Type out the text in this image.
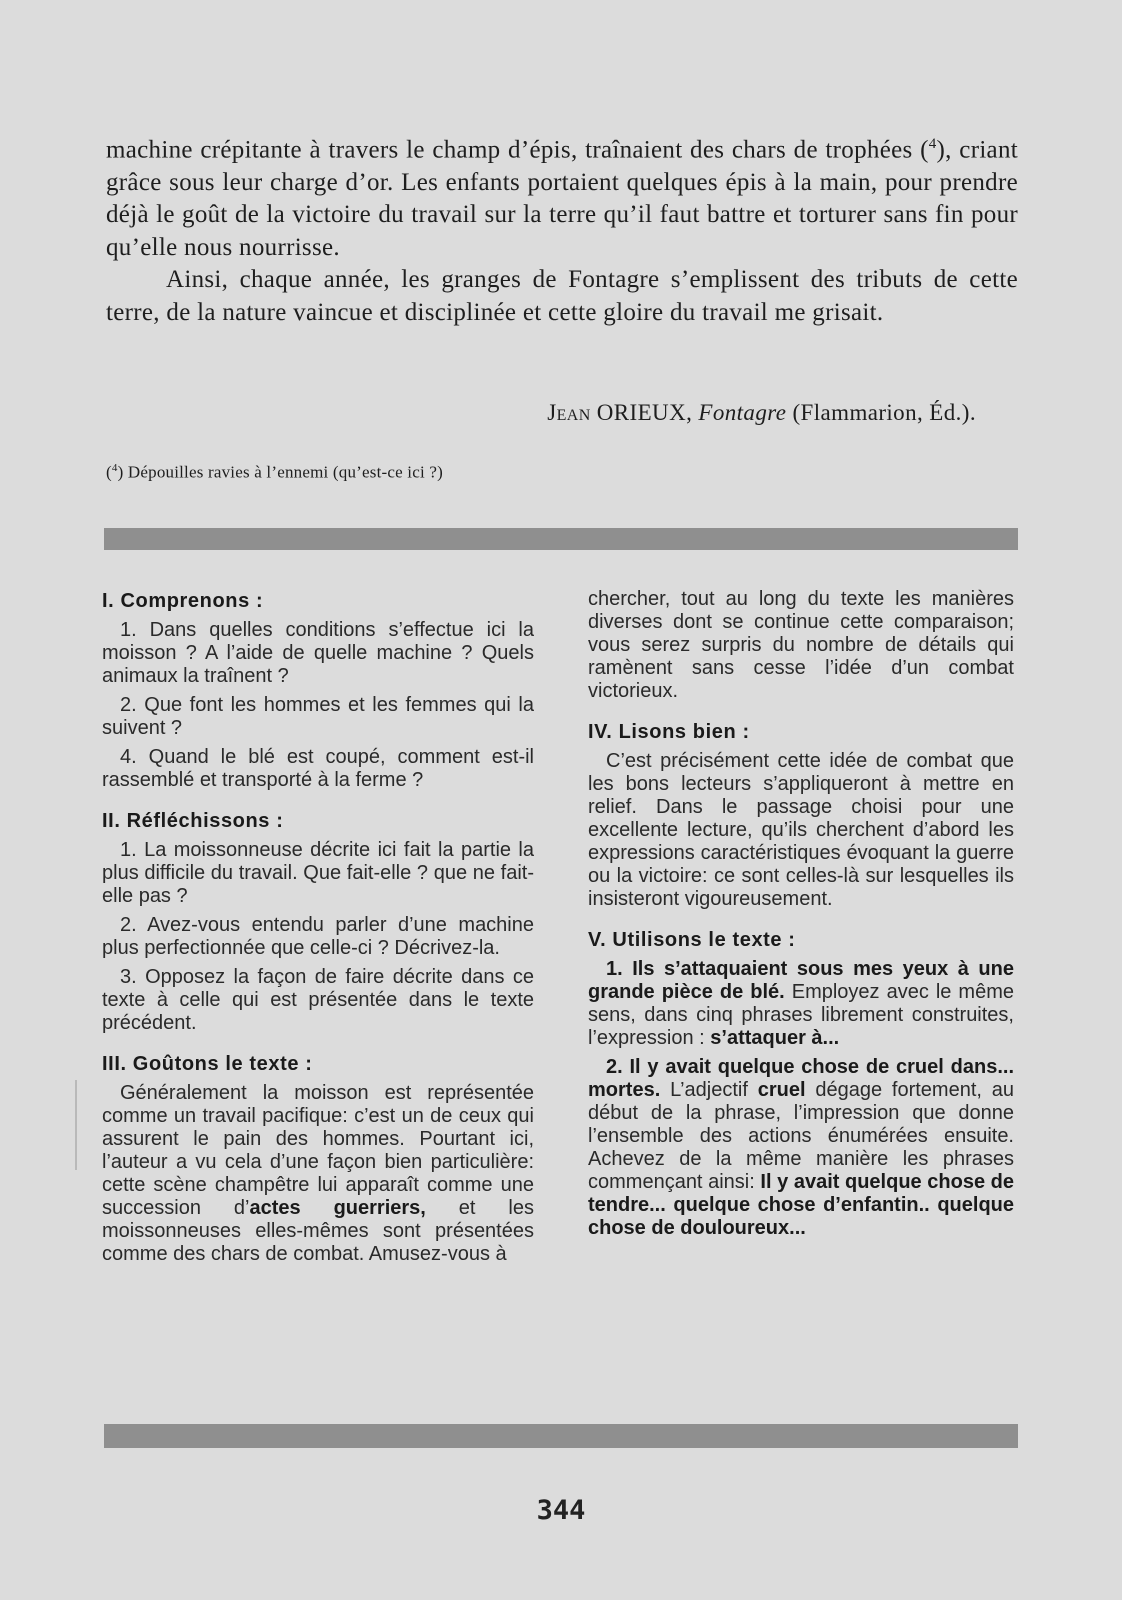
machine crépitante à travers le champ d’épis, traînaient des chars de trophées ($^4$), criant grâce sous leur charge d’or. Les enfants portaient quelques épis à la main, pour prendre déjà le goût de la victoire du travail sur la terre qu’il faut battre et torturer sans fin pour qu’elle nous nourrisse.

Ainsi, chaque année, les granges de Fontagre s’emplissent des tributs de cette terre, de la nature vaincue et disciplinée et cette gloire du travail me grisait.

Jean ORIEUX, Fontagre (Flammarion, Éd.).
($^4$) Dépouilles ravies à l’ennemi (qu’est-ce ici ?)
I. Comprenons :

1. Dans quelles conditions s’effectue ici la moisson ? A l’aide de quelle machine ? Quels animaux la traînent ?

2. Que font les hommes et les femmes qui la suivent ?

4. Quand le blé est coupé, comment est-il rassemblé et transporté à la ferme ?

II. Réfléchissons :

1. La moissonneuse décrite ici fait la partie la plus difficile du travail. Que fait-elle ? que ne fait-elle pas ?

2. Avez-vous entendu parler d’une machine plus perfectionnée que celle-ci ? Décrivez-la.

3. Opposez la façon de faire décrite dans ce texte à celle qui est présentée dans le texte précédent.

III. Goûtons le texte :

Généralement la moisson est représentée comme un travail pacifique: c’est un de ceux qui assurent le pain des hommes. Pourtant ici, l’auteur a vu cela d’une façon bien particulière: cette scène champêtre lui apparaît comme une succession d’actes guerriers, et les moissonneuses elles-mêmes sont présentées comme des chars de combat. Amusez-vous à

chercher, tout au long du texte les manières diverses dont se continue cette comparaison; vous serez surpris du nombre de détails qui ramènent sans cesse l’idée d’un combat victorieux.

IV. Lisons bien :

C’est précisément cette idée de combat que les bons lecteurs s’appliqueront à mettre en relief. Dans le passage choisi pour une excellente lecture, qu’ils cherchent d’abord les expressions caractéristiques évoquant la guerre ou la victoire: ce sont celles-là sur lesquelles ils insisteront vigoureusement.

V. Utilisons le texte :

1. Ils s’attaquaient sous mes yeux à une grande pièce de blé. Employez avec le même sens, dans cinq phrases librement construites, l’expression : s’attaquer à...

2. Il y avait quelque chose de cruel dans... mortes. L’adjectif cruel dégage fortement, au début de la phrase, l’impression que donne l’ensemble des actions énumérées ensuite. Achevez de la même manière les phrases commençant ainsi: Il y avait quelque chose de tendre... quelque chose d’enfantin.. quelque chose de douloureux...

344
